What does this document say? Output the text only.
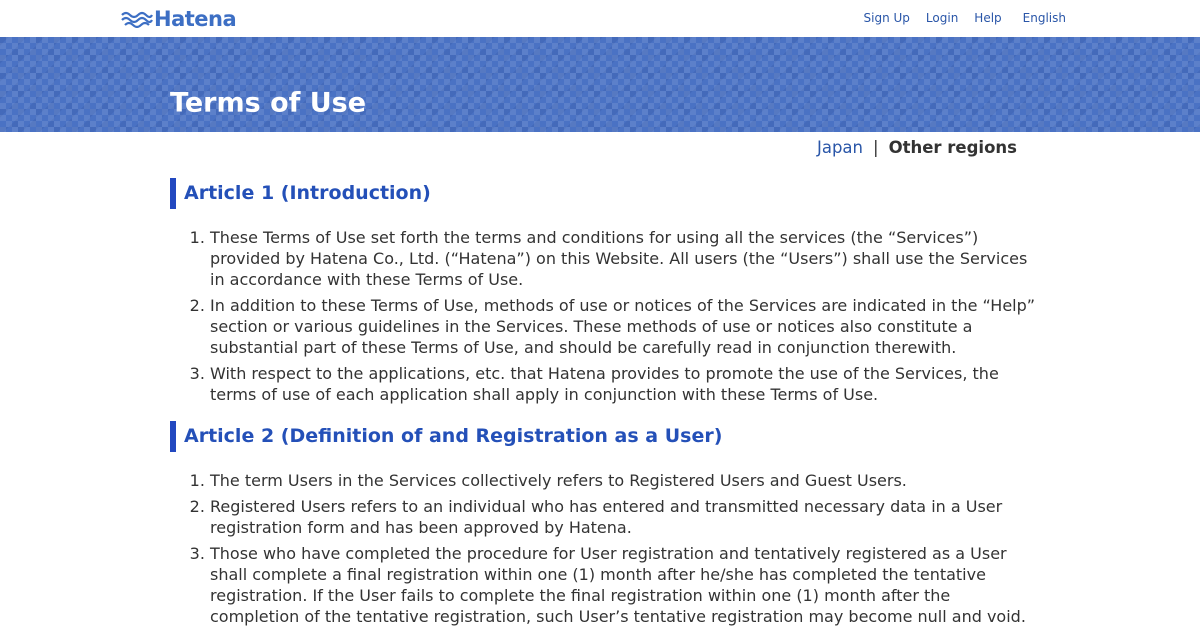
Hatena	Sign Up Login Help English
Terms of Use
Japan | Other regions
Article 1 (Introduction)
1. These Terms of Use set forth the terms and conditions for using all the services (the “Services”) provided by Hatena Co., Ltd. (“Hatena”) on this Website. All users (the “Users”) shall use the Services in accordance with these Terms of Use.
2. In addition to these Terms of Use, methods of use or notices of the Services are indicated in the “Help” section or various guidelines in the Services. These methods of use or notices also constitute a substantial part of these Terms of Use, and should be carefully read in conjunction therewith.
3. With respect to the applications, etc. that Hatena provides to promote the use of the Services, the terms of use of each application shall apply in conjunction with these Terms of Use.
Article 2 (Definition of and Registration as a User)
1. The term Users in the Services collectively refers to Registered Users and Guest Users.
2. Registered Users refers to an individual who has entered and transmitted necessary data in a User registration form and has been approved by Hatena.
3. Those who have completed the procedure for User registration and tentatively registered as a User shall complete a final registration within one (1) month after he/she has completed the tentative registration. If the User fails to complete the final registration within one (1) month after the completion of the tentative registration, such User’s tentative registration may become null and void.
